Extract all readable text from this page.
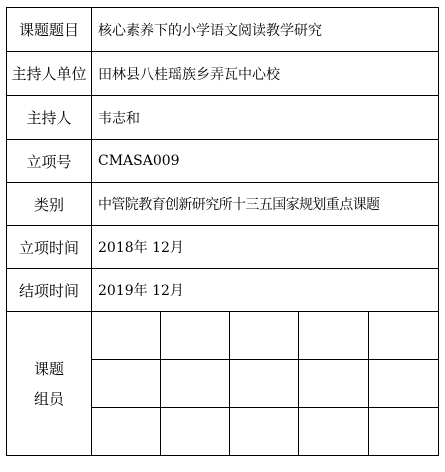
课题题目	核心素养下的小学语文阅读教学研究				
主持人单位	田林县八桂瑶族乡弄瓦中心校				
主持人	韦志和				
立项号	CMASA009				
类别	中管院教育创新研究所十三五国家规划重点课题				
立项时间	2018年 12月				
结项时间	2019年 12月				

课题
组员					
